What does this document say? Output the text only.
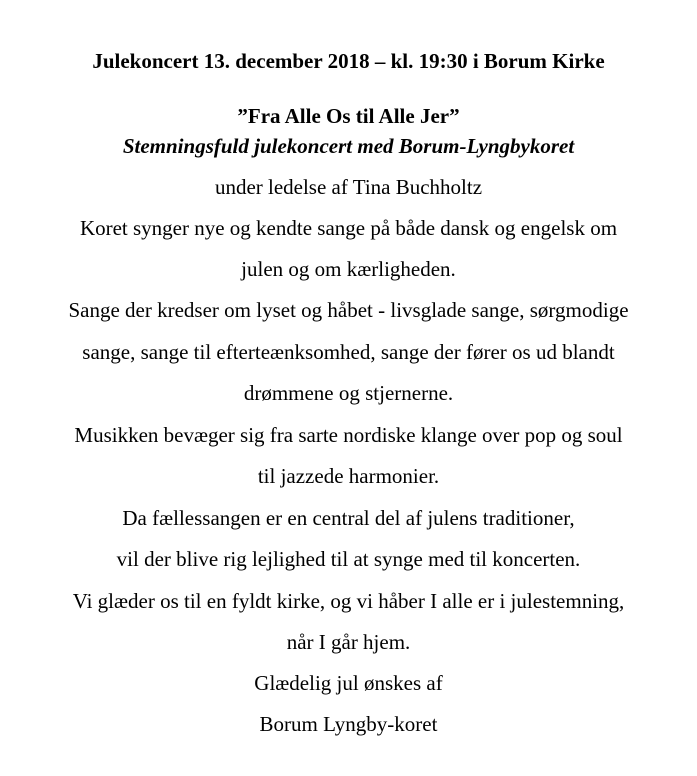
Julekoncert 13. december 2018 – kl. 19:30 i Borum Kirke
”Fra Alle Os til Alle Jer”
Stemningsfuld julekoncert med Borum-Lyngbykoret
under ledelse af Tina Buchholtz
Koret synger nye og kendte sange på både dansk og engelsk om
julen og om kærligheden.
Sange der kredser om lyset og håbet - livsglade sange, sørgmodige
sange, sange til efterteænksomhed, sange der fører os ud blandt
drømmene og stjernerne.
Musikken bevæger sig fra sarte nordiske klange over pop og soul
til jazzede harmonier.
Da fællessangen er en central del af julens traditioner,
vil der blive rig lejlighed til at synge med til koncerten.
Vi glæder os til en fyldt kirke, og vi håber I alle er i julestemning,
når I går hjem.
Glædelig jul ønskes af
Borum Lyngby-koret
